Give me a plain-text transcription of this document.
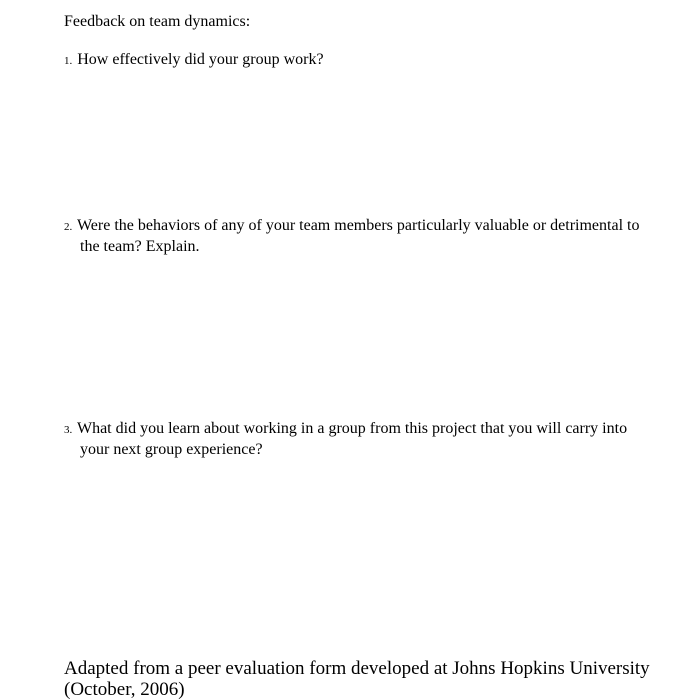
Feedback on team dynamics:
1. How effectively did your group work?
2. Were the behaviors of any of your team members particularly valuable or detrimental to
the team? Explain.
3. What did you learn about working in a group from this project that you will carry into
your next group experience?
Adapted from a peer evaluation form developed at Johns Hopkins University
(October, 2006)
